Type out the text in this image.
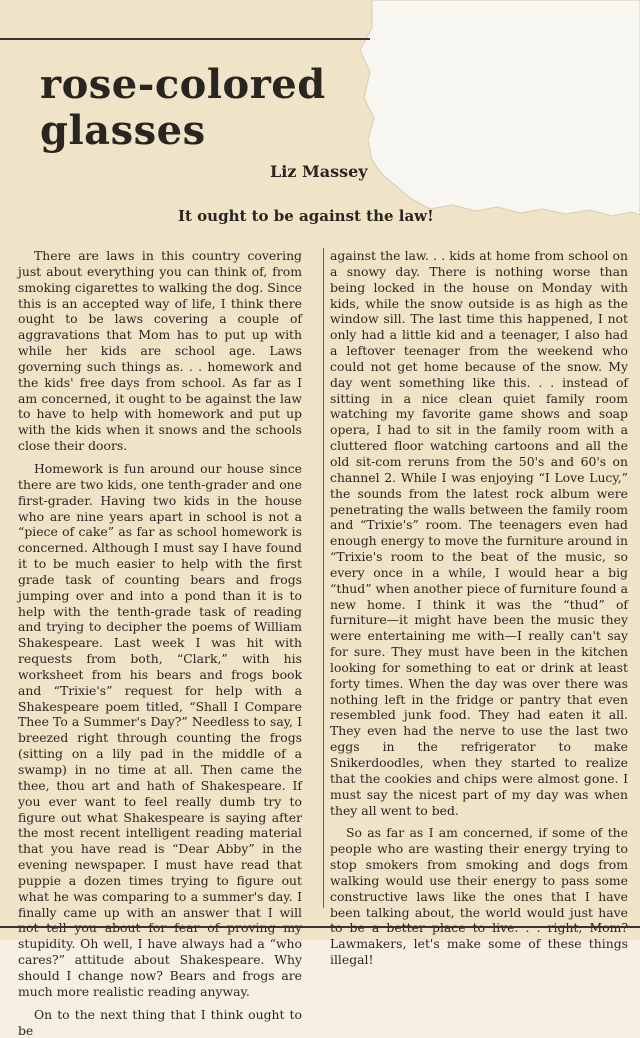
rose-colored
glasses
Liz Massey
It ought to be against the law!

There are laws in this country covering just about everything you can think of, from smoking cigarettes to walking the dog. Since this is an accepted way of life, I think there ought to be laws covering a couple of aggravations that Mom has to put up with while her kids are school age. Laws governing such things as. . . homework and the kids' free days from school. As far as I am concerned, it ought to be against the law to have to help with homework and put up with the kids when it snows and the schools close their doors.

Homework is fun around our house since there are two kids, one tenth-grader and one first-grader. Having two kids in the house who are nine years apart in school is not a “piece of cake” as far as school homework is concerned. Although I must say I have found it to be much easier to help with the first grade task of counting bears and frogs jumping over and into a pond than it is to help with the tenth-grade task of reading and trying to decipher the poems of William Shakespeare. Last week I was hit with requests from both, “Clark,” with his worksheet from his bears and frogs book and “Trixie's” request for help with a Shakespeare poem titled, “Shall I Compare Thee To a Summer's Day?” Needless to say, I breezed right through counting the frogs (sitting on a lily pad in the middle of a swamp) in no time at all. Then came the thee, thou art and hath of Shakespeare. If you ever want to feel really dumb try to figure out what Shakespeare is saying after the most recent intelligent reading material that you have read is “Dear Abby” in the evening newspaper. I must have read that puppie a dozen times trying to figure out what he was comparing to a summer's day. I finally came up with an answer that I will stupidity. Oh well, I have always had a “who cares?” attitude about Shakespeare. Why should I change now? Bears and frogs are much more realistic reading anyway.

On to the next thing that I think ought to be

against the law. . . kids at home from school on a snowy day. There is nothing worse than being locked in the house on Monday with kids, while the snow outside is as high as the window sill. The last time this happened, I not only had a little kid and a teenager, I also had a leftover teenager from the weekend who could not get home because of the snow. My day went something like this. . . instead of sitting in a nice clean quiet family room watching my favorite game shows and soap opera, I had to sit in the family room with a cluttered floor watching cartoons and all the old sit-com reruns from the 50's and 60's on channel 2. While I was enjoying “I Love Lucy,” the sounds from the latest rock album were penetrating the walls between the family room and “Trixie's” room. The teenagers even had enough energy to move the furniture around in “Trixie's room to the beat of the music, so every once in a while, I would hear a big “thud” when another piece of furniture found a new home. I think it was the “thud” of furniture—it might have been the music they were entertaining me with—I really can't say for sure. They must have been in the kitchen looking for something to eat or drink at least forty times. When the day was over there was nothing left in the fridge or pantry that even resembled junk food. They had eaten it all. They even had the nerve to use the last two eggs in the refrigerator to make Snikerdoodles, when they started to realize that the cookies and chips were almost gone. I must say the nicest part of my day was when they all went to bed.

So as far as I am concerned, if some of the people who are wasting their energy trying to stop smokers from smoking and dogs from walking would use their energy to pass some constructive laws like the ones that I have been talking about, the world would just have Lawmakers, let's make some of these things illegal!
